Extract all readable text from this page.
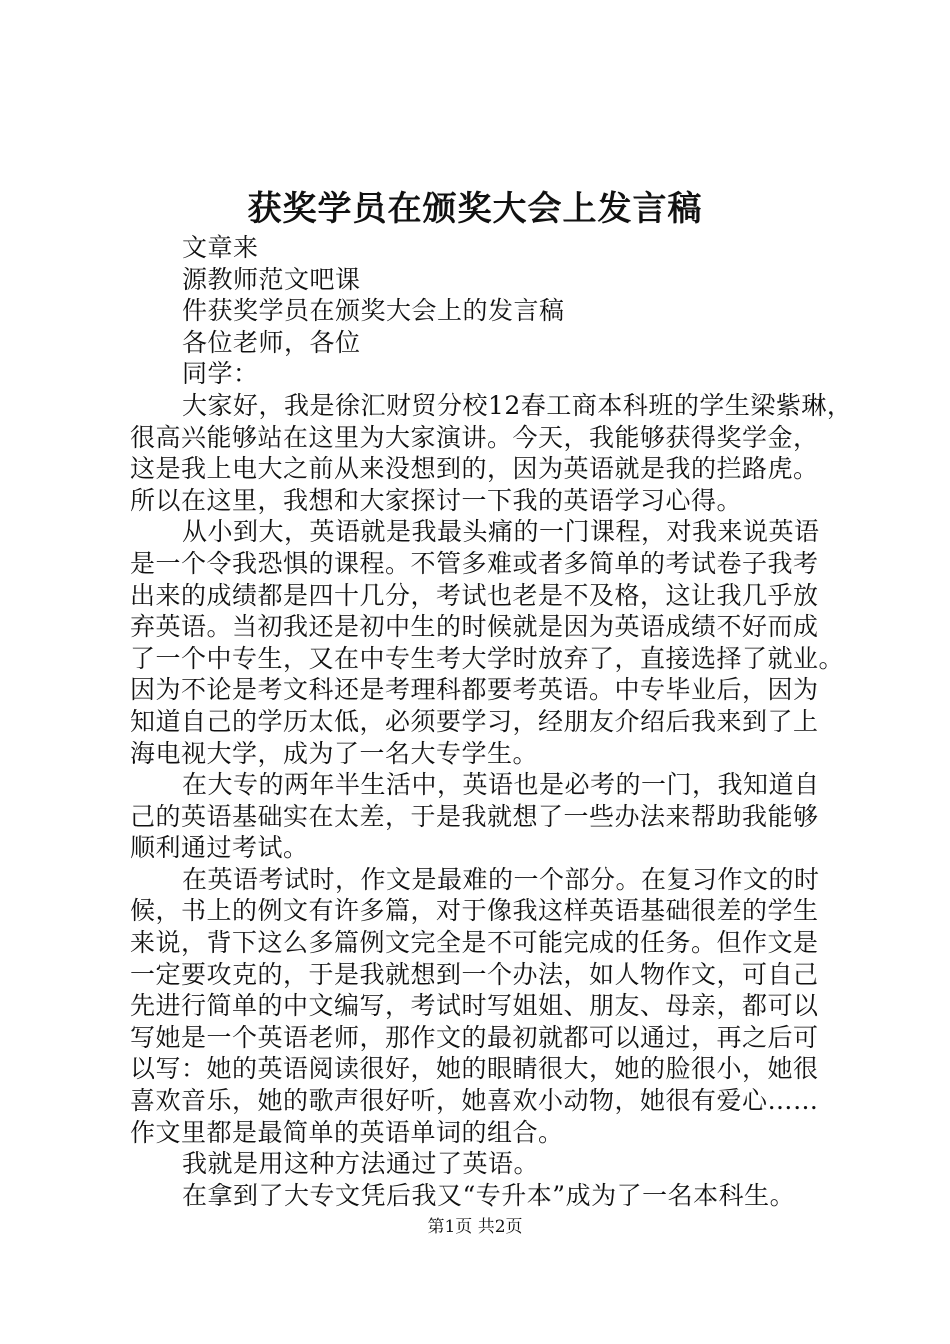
获奖学员在颁奖大会上发言稿

文章来

源教师范文吧课

件获奖学员在颁奖大会上的发言稿

各位老师，各位

同学：

大家好，我是徐汇财贸分校12春工商本科班的学生梁紫琳，

很高兴能够站在这里为大家演讲。今天，我能够获得奖学金，

这是我上电大之前从来没想到的，因为英语就是我的拦路虎。

所以在这里，我想和大家探讨一下我的英语学习心得。

从小到大，英语就是我最头痛的一门课程，对我来说英语

是一个令我恐惧的课程。不管多难或者多简单的考试卷子我考

出来的成绩都是四十几分，考试也老是不及格，这让我几乎放

弃英语。当初我还是初中生的时候就是因为英语成绩不好而成

了一个中专生，又在中专生考大学时放弃了，直接选择了就业。

因为不论是考文科还是考理科都要考英语。中专毕业后，因为

知道自己的学历太低，必须要学习，经朋友介绍后我来到了上

海电视大学，成为了一名大专学生。

在大专的两年半生活中，英语也是必考的一门，我知道自

己的英语基础实在太差，于是我就想了一些办法来帮助我能够

顺利通过考试。

在英语考试时，作文是最难的一个部分。在复习作文的时

候，书上的例文有许多篇，对于像我这样英语基础很差的学生

来说，背下这么多篇例文完全是不可能完成的任务。但作文是

一定要攻克的，于是我就想到一个办法，如人物作文，可自己

先进行简单的中文编写，考试时写姐姐、朋友、母亲，都可以

写她是一个英语老师，那作文的最初就都可以通过，再之后可

以写：她的英语阅读很好，她的眼睛很大，她的脸很小，她很

喜欢音乐，她的歌声很好听，她喜欢小动物，她很有爱心……

作文里都是最简单的英语单词的组合。

我就是用这种方法通过了英语。

在拿到了大专文凭后我又“专升本”成为了一名本科生。

第1页 共2页
